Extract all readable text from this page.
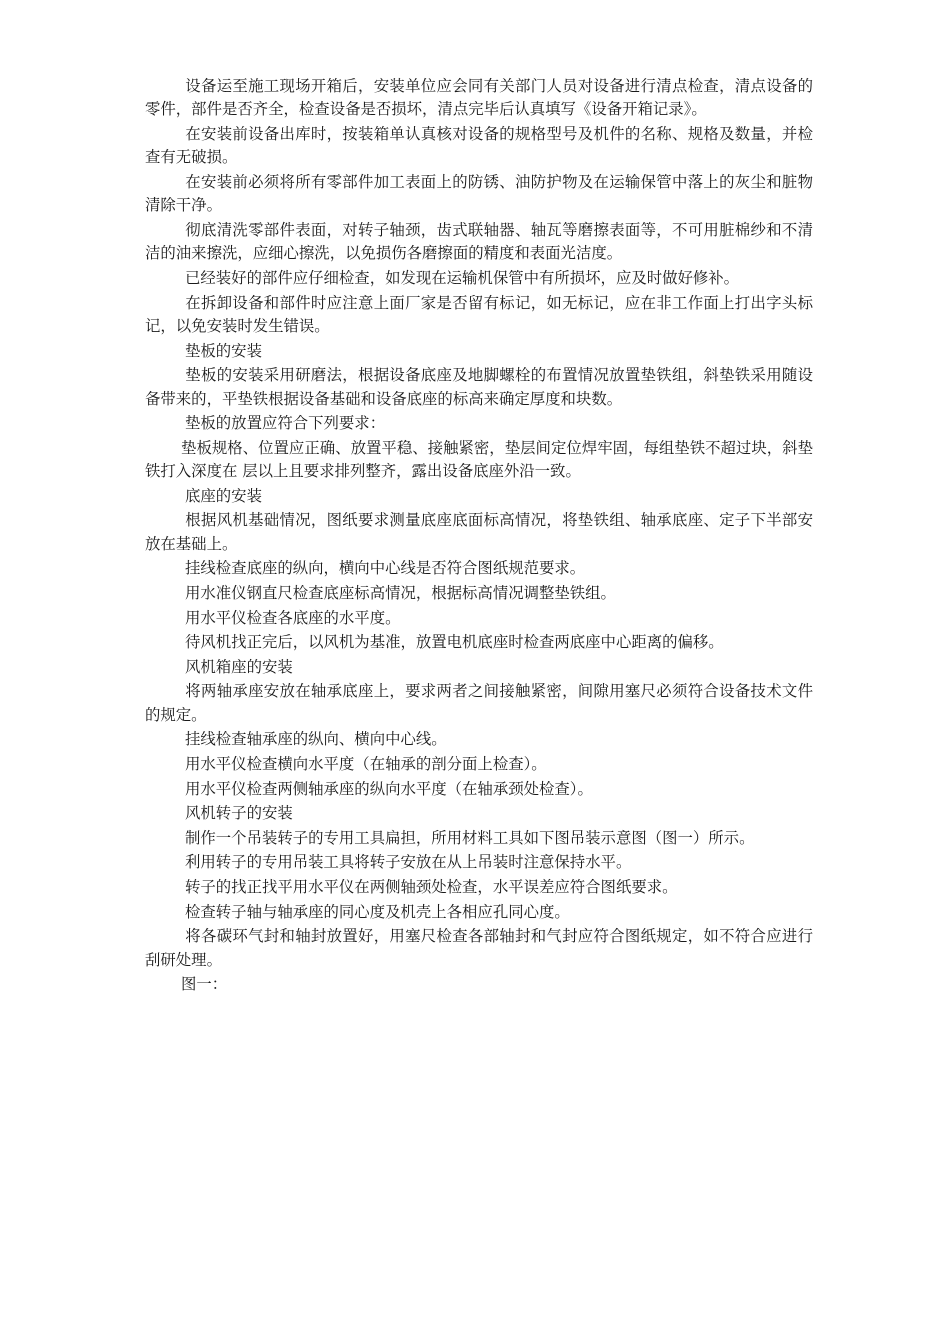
设备运至施工现场开箱后，安装单位应会同有关部门人员对设备进行清点检查，清点设备的零件，部件是否齐全，检查设备是否损坏，清点完毕后认真填写《设备开箱记录》。

在安装前设备出库时，按装箱单认真核对设备的规格型号及机件的名称、规格及数量，并检查有无破损。

在安装前必须将所有零部件加工表面上的防锈、油防护物及在运输保管中落上的灰尘和脏物清除干净。

彻底清洗零部件表面，对转子轴颈，齿式联轴器、轴瓦等磨擦表面等，不可用脏棉纱和不清洁的油来擦洗，应细心擦洗，以免损伤各磨擦面的精度和表面光洁度。

已经装好的部件应仔细检查，如发现在运输机保管中有所损坏，应及时做好修补。

在拆卸设备和部件时应注意上面厂家是否留有标记，如无标记，应在非工作面上打出字头标记，以免安装时发生错误。

垫板的安装

垫板的安装采用研磨法，根据设备底座及地脚螺栓的布置情况放置垫铁组，斜垫铁采用随设备带来的，平垫铁根据设备基础和设备底座的标高来确定厚度和块数。

垫板的放置应符合下列要求：

垫板规格、位置应正确、放置平稳、接触紧密，垫层间定位焊牢固，每组垫铁不超过块，斜垫铁打入深度在 层以上且要求排列整齐，露出设备底座外沿一致。

底座的安装

根据风机基础情况，图纸要求测量底座底面标高情况，将垫铁组、轴承底座、定子下半部安放在基础上。

挂线检查底座的纵向，横向中心线是否符合图纸规范要求。

用水准仪钢直尺检查底座标高情况，根据标高情况调整垫铁组。

用水平仪检查各底座的水平度。

待风机找正完后，以风机为基准，放置电机底座时检查两底座中心距离的偏移。

风机箱座的安装

将两轴承座安放在轴承底座上，要求两者之间接触紧密，间隙用塞尺必须符合设备技术文件的规定。

挂线检查轴承座的纵向、横向中心线。

用水平仪检查横向水平度（在轴承的剖分面上检查）。

用水平仪检查两侧轴承座的纵向水平度（在轴承颈处检查）。

风机转子的安装

制作一个吊装转子的专用工具扁担，所用材料工具如下图吊装示意图（图一）所示。

利用转子的专用吊装工具将转子安放在从上吊装时注意保持水平。

转子的找正找平用水平仪在两侧轴颈处检查，水平误差应符合图纸要求。

检查转子轴与轴承座的同心度及机壳上各相应孔同心度。

将各碳环气封和轴封放置好，用塞尺检查各部轴封和气封应符合图纸规定，如不符合应进行刮研处理。

图一：
